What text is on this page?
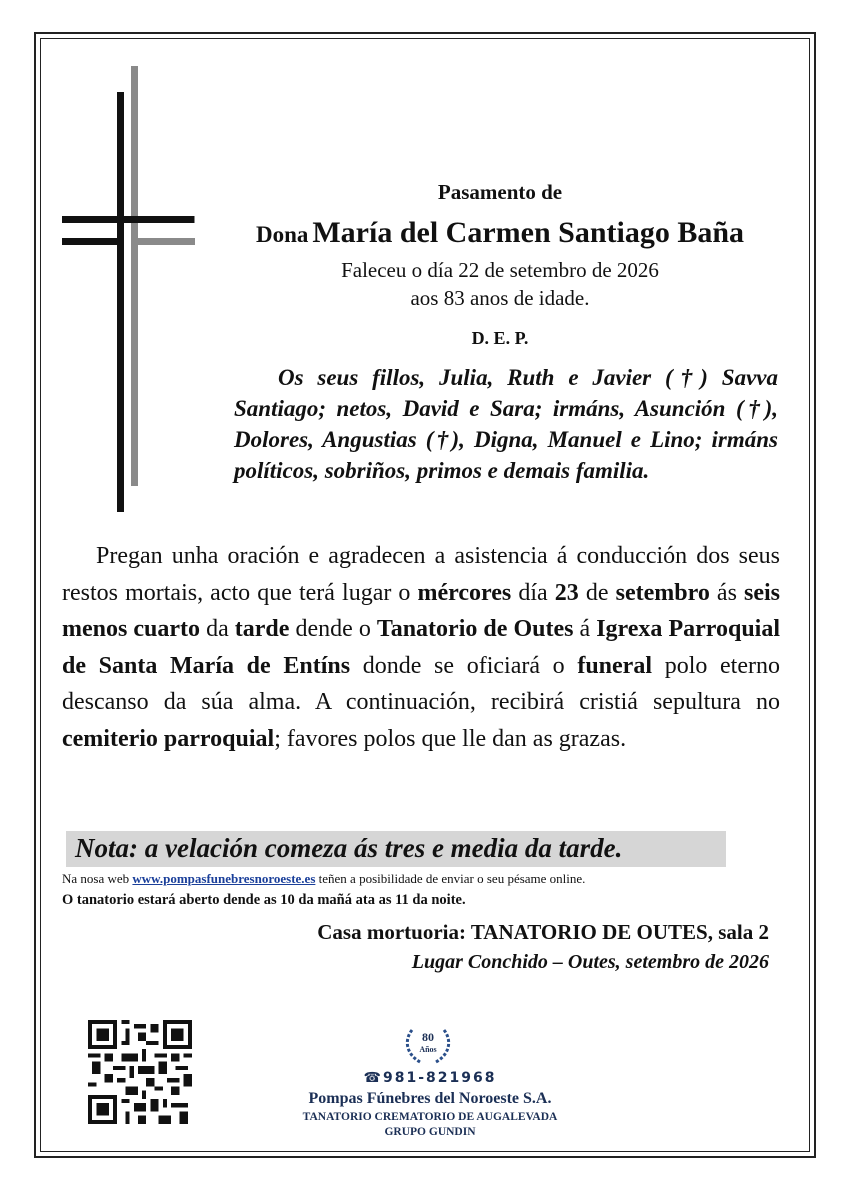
Pasamento de
Dona María del Carmen Santiago Baña
Faleceu o día 22 de setembro de 2026
aos 83 anos de idade.
D. E. P.
Os seus fillos, Julia, Ruth e Javier (†) Savva Santiago; netos, David e Sara; irmáns, Asunción (†), Dolores, Angustias (†), Digna, Manuel e Lino; irmáns políticos, sobriños, primos e demais familia.
Pregan unha oración e agradecen a asistencia á conducción dos seus restos mortais, acto que terá lugar o mércores día 23 de setembro ás seis menos cuarto da tarde dende o Tanatorio de Outes á Igrexa Parroquial de Santa María de Entíns donde se oficiará o funeral polo eterno descanso da súa alma. A continuación, recibirá cristiá sepultura no cemiterio parroquial; favores polos que lle dan as grazas.
Nota: a velación comeza ás tres e media da tarde.
Na nosa web www.pompasfunebresnoroeste.es teñen a posibilidade de enviar o seu pésame online.
O tanatorio estará aberto dende as 10 da mañá ata as 11 da noite.
Casa mortuoria: TANATORIO DE OUTES, sala 2
Lugar Conchido – Outes, setembro de 2026
80
Años
☎981-821968
Pompas Fúnebres del Noroeste S.A.
TANATORIO CREMATORIO DE AUGALEVADA
GRUPO GUNDIN
